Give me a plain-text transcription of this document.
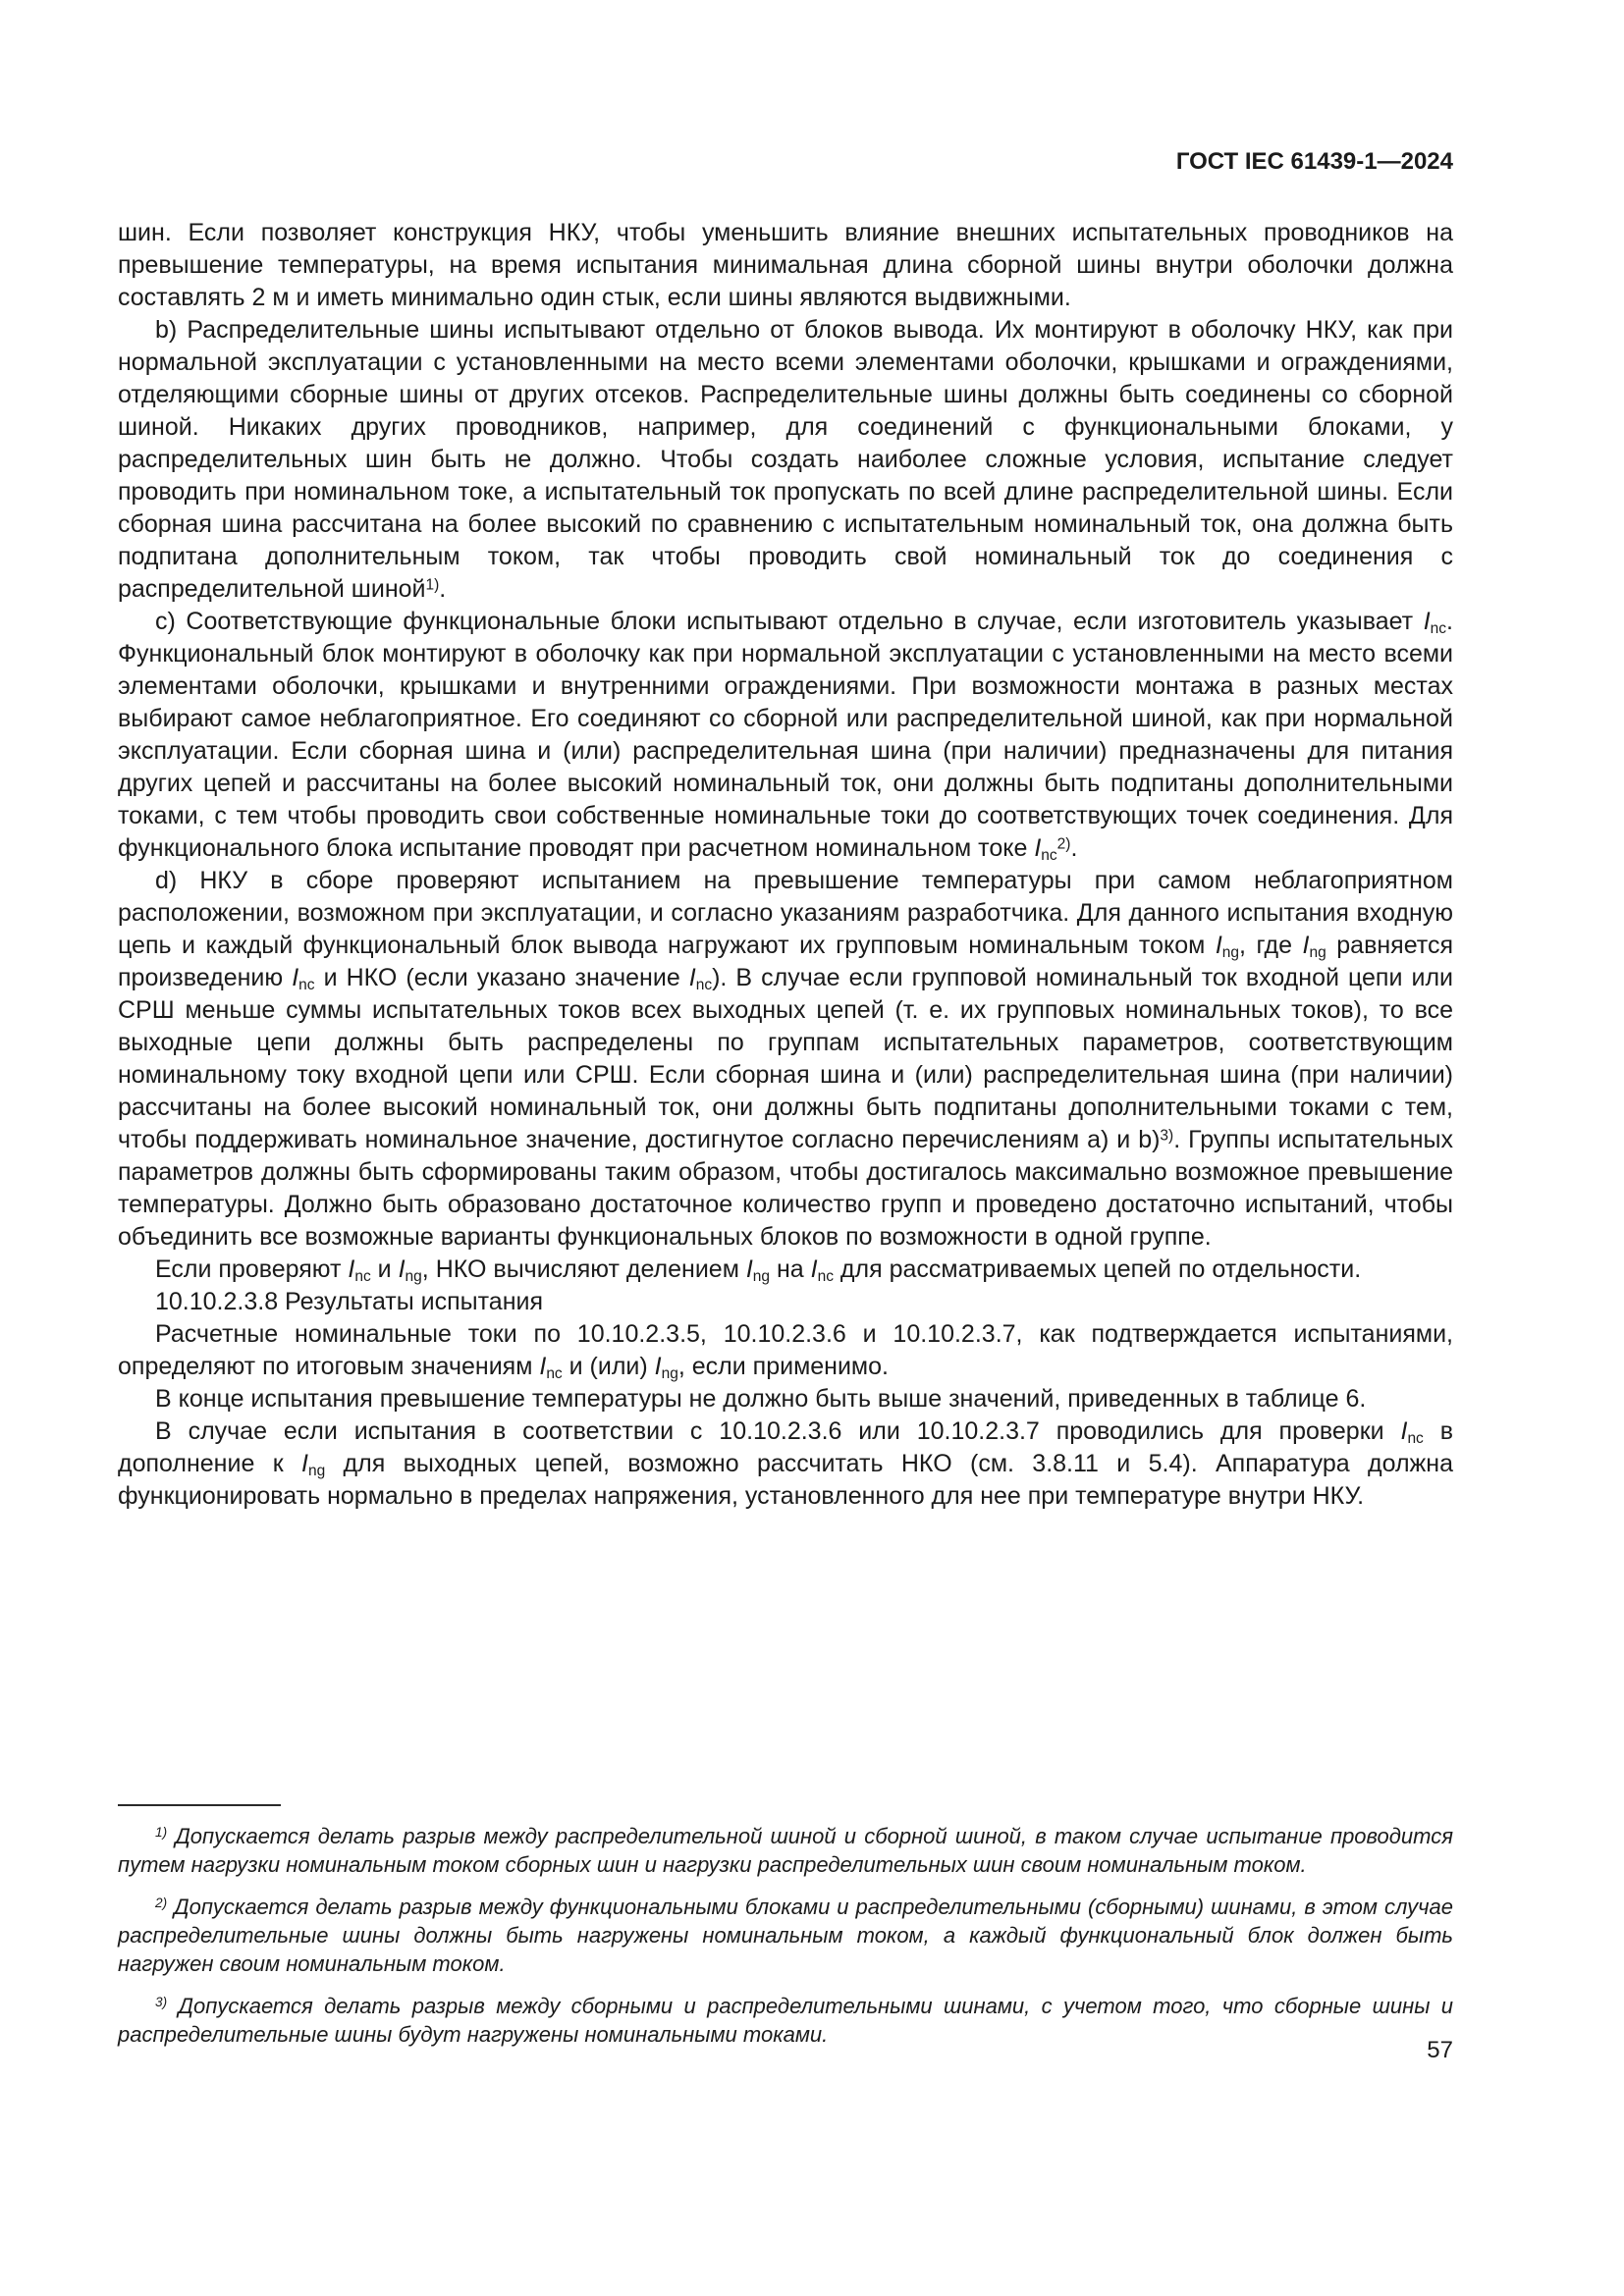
ГОСТ IEC 61439-1—2024

шин. Если позволяет конструкция НКУ, чтобы уменьшить влияние внешних испытательных проводников на превышение температуры, на время испытания минимальная длина сборной шины внутри оболочки должна составлять 2 м и иметь минимально один стык, если шины являются выдвижными.

b) Распределительные шины испытывают отдельно от блоков вывода. Их монтируют в оболочку НКУ, как при нормальной эксплуатации с установленными на место всеми элементами оболочки, крышками и ограждениями, отделяющими сборные шины от других отсеков. Распределительные шины должны быть соединены со сборной шиной. Никаких других проводников, например, для соединений с функциональными блоками, у распределительных шин быть не должно. Чтобы создать наиболее сложные условия, испытание следует проводить при номинальном токе, а испытательный ток пропускать по всей длине распределительной шины. Если сборная шина рассчитана на более высокий по сравнению с испытательным номинальный ток, она должна быть подпитана дополнительным током, так чтобы проводить свой номинальный ток до соединения с распределительной шиной$^{1)}$.

c) Соответствующие функциональные блоки испытывают отдельно в случае, если изготовитель указывает $I_{nc}$. Функциональный блок монтируют в оболочку как при нормальной эксплуатации с установленными на место всеми элементами оболочки, крышками и внутренними ограждениями. При возможности монтажа в разных местах выбирают самое неблагоприятное. Его соединяют со сборной или распределительной шиной, как при нормальной эксплуатации. Если сборная шина и (или) распределительная шина (при наличии) предназначены для питания других цепей и рассчитаны на более высокий номинальный ток, они должны быть подпитаны дополнительными токами, с тем чтобы проводить свои собственные номинальные токи до соответствующих точек соединения. Для функционального блока испытание проводят при расчетном номинальном токе $I_{nc}^{2)}$.

d) НКУ в сборе проверяют испытанием на превышение температуры при самом неблагоприятном расположении, возможном при эксплуатации, и согласно указаниям разработчика. Для данного испытания входную цепь и каждый функциональный блок вывода нагружают их групповым номинальным током $I_{ng}$, где $I_{ng}$ равняется произведению $I_{nc}$ и НКО (если указано значение $I_{nc}$). В случае если групповой номинальный ток входной цепи или СРШ меньше суммы испытательных токов всех выходных цепей (т. е. их групповых номинальных токов), то все выходные цепи должны быть распределены по группам испытательных параметров, соответствующим номинальному току входной цепи или СРШ. Если сборная шина и (или) распределительная шина (при наличии) рассчитаны на более высокий номинальный ток, они должны быть подпитаны дополнительными токами с тем, чтобы поддерживать номинальное значение, достигнутое согласно перечислениям a) и b)$^{3)}$. Группы испытательных параметров должны быть сформированы таким образом, чтобы достигалось максимально возможное превышение температуры. Должно быть образовано достаточное количество групп и проведено достаточно испытаний, чтобы объединить все возможные варианты функциональных блоков по возможности в одной группе.

Если проверяют $I_{nc}$ и $I_{ng}$, НКО вычисляют делением $I_{ng}$ на $I_{nc}$ для рассматриваемых цепей по отдельности.

10.10.2.3.8 Результаты испытания

Расчетные номинальные токи по 10.10.2.3.5, 10.10.2.3.6 и 10.10.2.3.7, как подтверждается испытаниями, определяют по итоговым значениям $I_{nc}$ и (или) $I_{ng}$, если применимо.

В конце испытания превышение температуры не должно быть выше значений, приведенных в таблице 6.

В случае если испытания в соответствии с 10.10.2.3.6 или 10.10.2.3.7 проводились для проверки $I_{nc}$ в дополнение к $I_{ng}$ для выходных цепей, возможно рассчитать НКО (см. 3.8.11 и 5.4). Аппаратура должна функционировать нормально в пределах напряжения, установленного для нее при температуре внутри НКУ.

$^{1)}$ Допускается делать разрыв между распределительной шиной и сборной шиной, в таком случае испытание проводится путем нагрузки номинальным током сборных шин и нагрузки распределительных шин своим номинальным током.

$^{2)}$ Допускается делать разрыв между функциональными блоками и распределительными (сборными) шинами, в этом случае распределительные шины должны быть нагружены номинальным током, а каждый функциональный блок должен быть нагружен своим номинальным током.

$^{3)}$ Допускается делать разрыв между сборными и распределительными шинами, с учетом того, что сборные шины и распределительные шины будут нагружены номинальными токами.

57
